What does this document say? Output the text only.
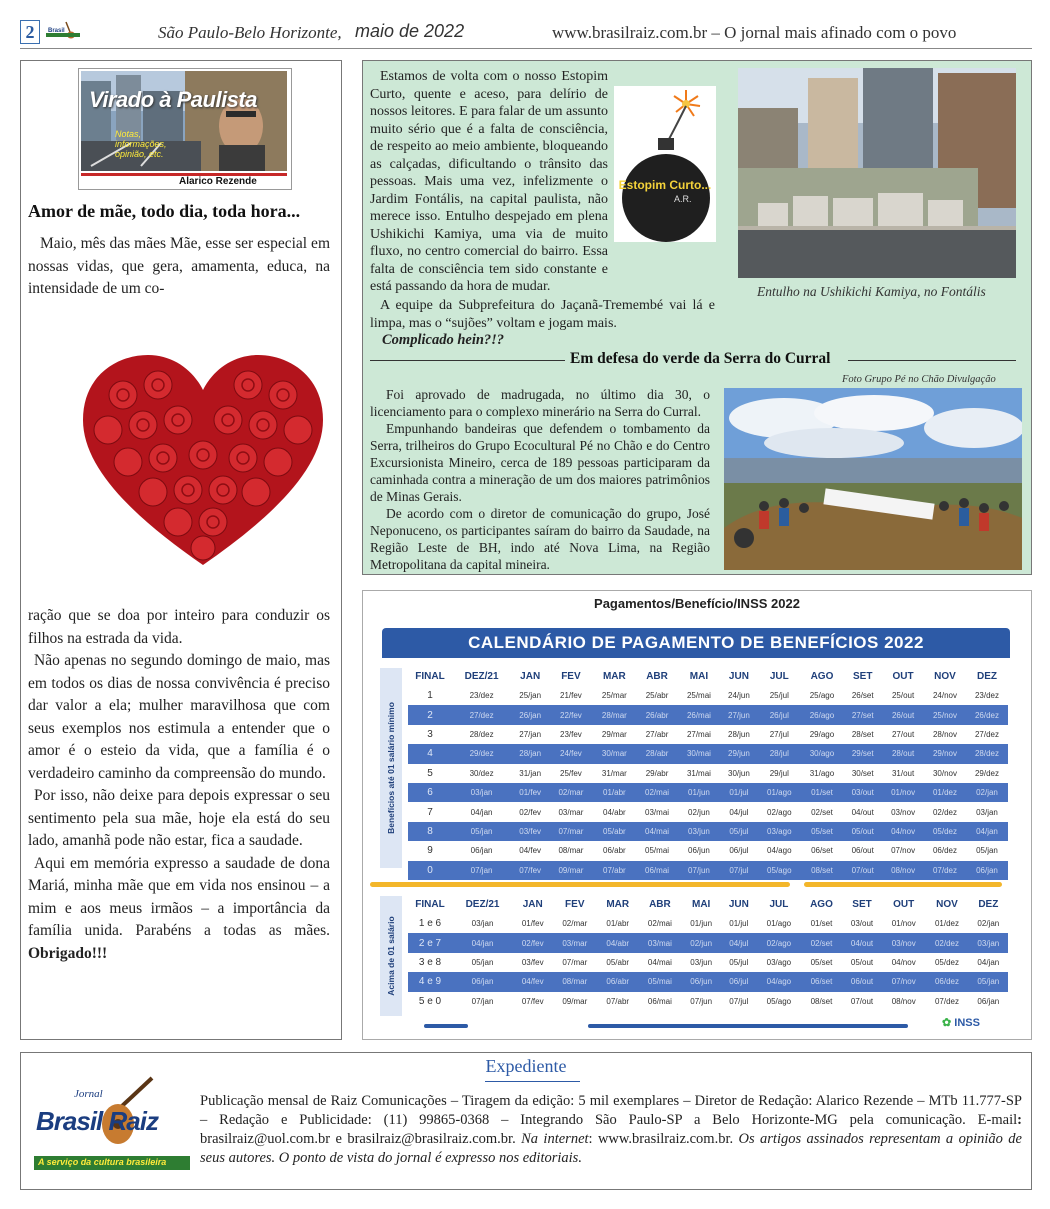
2	Brasil	São Paulo-Belo Horizonte, maio de 2022	www.brasilraiz.com.br – O jornal mais afinado com o povo
Virado à Paulista
Notas, informações, opinião, etc.
Alarico Rezende
Amor de mãe, todo dia, toda hora...
Maio, mês das mães Mãe, esse ser especial em nossas vidas, que gera, amamenta, educa, na intensidade de um co-
ração que se doa por inteiro para conduzir os filhos na estrada da vida.
Não apenas no segundo domingo de maio, mas em todos os dias de nossa convivência é preciso dar valor a ela; mulher maravilhosa que com seus exemplos nos estimula a entender que o amor é o esteio da vida, que a família é o verdadeiro caminho da compreensão do mundo.
Por isso, não deixe para depois expressar o seu sentimento pela sua mãe, hoje ela está do seu lado, amanhã pode não estar, fica a saudade.
Aqui em memória expresso a saudade de dona Mariá, minha mãe que em vida nos ensinou – a mim e aos meus irmãos – a importância da família unida. Parabéns a todas as mães. Obrigado!!!
Estamos de volta com o nosso Estopim Curto, quente e aceso, para delírio de nossos leitores. E para falar de um assunto muito sério que é a falta de consciência, de respeito ao meio ambiente, bloqueando as calçadas, dificultando o trânsito das pessoas. Mais uma vez, infelizmente o Jardim Fontális, na capital paulista, não merece isso. Entulho despejado em plena Ushikichi Kamiya, uma via de muito fluxo, no centro comercial do bairro. Essa falta de consciência tem sido constante e está passando da hora de mudar.
Estopim Curto...
A.R.
Entulho na Ushikichi Kamiya, no Fontális
A equipe da Subprefeitura do Jaçanã-Tremembé vai lá e limpa, mas o “sujões” voltam e jogam mais.
Complicado hein?!?
Em defesa do verde da Serra do Curral
Foto Grupo Pé no Chão Divulgação
Foi aprovado de madrugada, no último dia 30, o licenciamento para o complexo minerário na Serra do Curral.
Empunhando bandeiras que defendem o tombamento da Serra, trilheiros do Grupo Ecocultural Pé no Chão e do Centro Excursionista Mineiro, cerca de 189 pessoas participaram da caminhada contra a mineração de um dos maiores patrimônios de Minas Gerais.
De acordo com o diretor de comunicação do grupo, José Neponuceno, os participantes saíram do bairro da Saudade, na Região Leste de BH, indo até Nova Lima, na Região Metropolitana da capital mineira.
Pagamentos/Benefício/INSS 2022
CALENDÁRIO DE PAGAMENTO DE BENEFÍCIOS 2022
Benefícios até 01 salário mínimo
Acima de 01 salário
FINAL	DEZ/21	JAN	FEV	MAR	ABR	MAI	JUN	JUL	AGO	SET	OUT	NOV	DEZ
1	23/dez	25/jan	21/fev	25/mar	25/abr	25/mai	24/jun	25/jul	25/ago	26/set	25/out	24/nov	23/dez
2	27/dez	26/jan	22/fev	28/mar	26/abr	26/mai	27/jun	26/jul	26/ago	27/set	26/out	25/nov	26/dez
3	28/dez	27/jan	23/fev	29/mar	27/abr	27/mai	28/jun	27/jul	29/ago	28/set	27/out	28/nov	27/dez
4	29/dez	28/jan	24/fev	30/mar	28/abr	30/mai	29/jun	28/jul	30/ago	29/set	28/out	29/nov	28/dez
5	30/dez	31/jan	25/fev	31/mar	29/abr	31/mai	30/jun	29/jul	31/ago	30/set	31/out	30/nov	29/dez
6	03/jan	01/fev	02/mar	01/abr	02/mai	01/jun	01/jul	01/ago	01/set	03/out	01/nov	01/dez	02/jan
7	04/jan	02/fev	03/mar	04/abr	03/mai	02/jun	04/jul	02/ago	02/set	04/out	03/nov	02/dez	03/jan
8	05/jan	03/fev	07/mar	05/abr	04/mai	03/jun	05/jul	03/ago	05/set	05/out	04/nov	05/dez	04/jan
9	06/jan	04/fev	08/mar	06/abr	05/mai	06/jun	06/jul	04/ago	06/set	06/out	07/nov	06/dez	05/jan
0	07/jan	07/fev	09/mar	07/abr	06/mai	07/jun	07/jul	05/ago	08/set	07/out	08/nov	07/dez	06/jan
FINAL	DEZ/21	JAN	FEV	MAR	ABR	MAI	JUN	JUL	AGO	SET	OUT	NOV	DEZ
1 e 6	03/jan	01/fev	02/mar	01/abr	02/mai	01/jun	01/jul	01/ago	01/set	03/out	01/nov	01/dez	02/jan
2 e 7	04/jan	02/fev	03/mar	04/abr	03/mai	02/jun	04/jul	02/ago	02/set	04/out	03/nov	02/dez	03/jan
3 e 8	05/jan	03/fev	07/mar	05/abr	04/mai	03/jun	05/jul	03/ago	05/set	05/out	04/nov	05/dez	04/jan
4 e 9	06/jan	04/fev	08/mar	06/abr	05/mai	06/jun	06/jul	04/ago	06/set	06/out	07/nov	06/dez	05/jan
5 e 0	07/jan	07/fev	09/mar	07/abr	06/mai	07/jun	07/jul	05/ago	08/set	07/out	08/nov	07/dez	06/jan
✿ INSS
Expediente
Jornal
Brasil Raiz
A serviço da cultura brasileira
Publicação mensal de Raiz Comunicações – Tiragem da edição: 5 mil exemplares – Diretor de Redação: Alarico Rezende – MTb 11.777-SP – Redação e Publicidade: (11) 99865-0368 – Integrando São Paulo-SP a Belo Horizonte-MG pela comunicação. E-mail: brasilraiz@uol.com.br e brasilraiz@brasilraiz.com.br. Na internet: www.brasilraiz.com.br. Os artigos assinados representam a opinião de seus autores. O ponto de vista do jornal é expresso nos editoriais.
